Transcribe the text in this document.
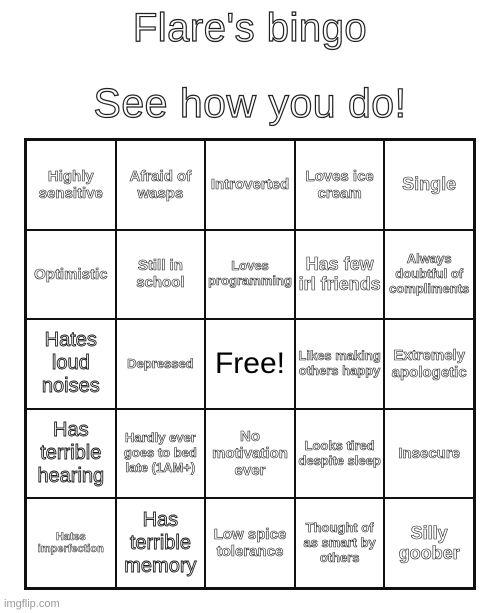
Flare's bingo
See how you do!
Highly sensitive
Afraid of wasps
Introverted
Loves ice cream	Single
Optimistic
Still in school
Loves programming
Has few irl friends
Always doubtful of compliments
Hates loud noises
Depressed Free! Likes making others happy
Extremely apologetic
Has terrible hearing
Hardly ever goes to bed late (1AM+)
No motivation ever
Looks tired despite sleep Insecure
Hates imperfection
Has terrible memory
Low spice tolerance
Thought of as smart by others
Silly goober
imgflip.com
